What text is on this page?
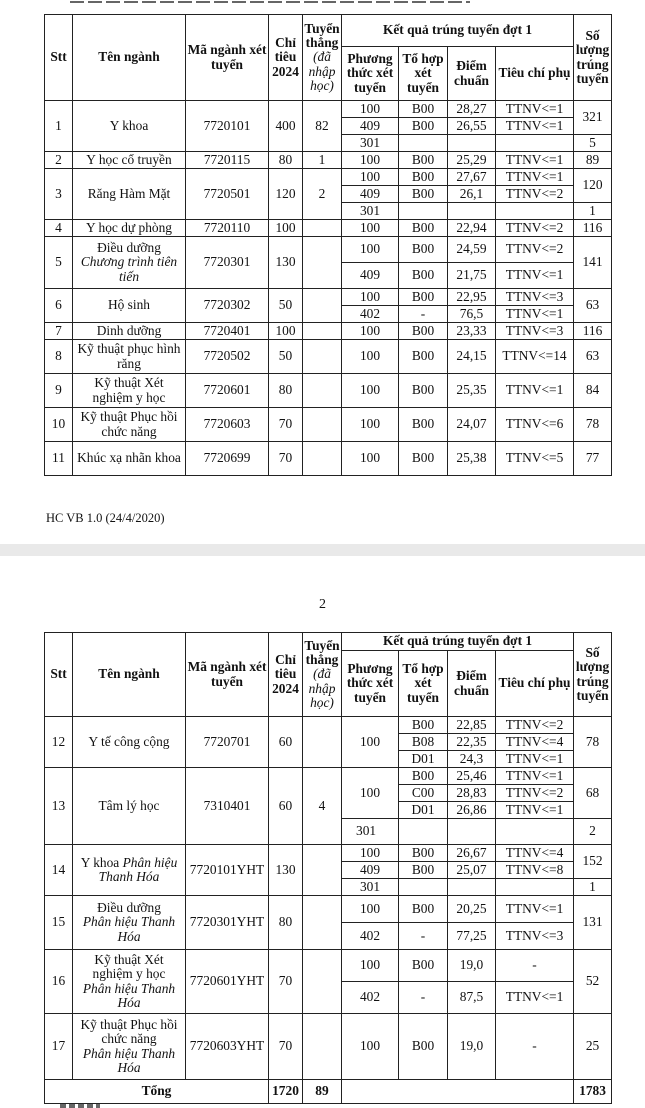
Stt	Tên ngành	Mã ngành xét tuyển	Chỉ tiêu 2024	Tuyển thẳng (đã nhập học)	Kết quả trúng tuyển đợt 1				Số lượng trúng tuyển
					Phương thức xét tuyển	Tổ hợp xét tuyển	Điểm chuẩn	Tiêu chí phụ	
1	Y khoa	7720101	400	82	100	B00	28,27	TTNV<=1	321
					409	B00	26,55	TTNV<=1	
					301				5
2	Y học cổ truyền	7720115	80	1	100	B00	25,29	TTNV<=1	89
3	Răng Hàm Mặt	7720501	120	2	100	B00	27,67	TTNV<=1	120
					409	B00	26,1	TTNV<=2	
					301				1
4	Y học dự phòng	7720110	100		100	B00	22,94	TTNV<=2	116
5	Điều dưỡng
Chương trình tiên tiến	7720301	130		100	B00	24,59	TTNV<=2	141
					409	B00	21,75	TTNV<=1	
6	Hộ sinh	7720302	50		100	B00	22,95	TTNV<=3	63
					402	-	76,5	TTNV<=1	
7	Dinh dưỡng	7720401	100		100	B00	23,33	TTNV<=3	116
8	Kỹ thuật phục hình răng	7720502	50		100	B00	24,15	TTNV<=14	63
9	Kỹ thuật Xét nghiệm y học	7720601	80		100	B00	25,35	TTNV<=1	84
10	Kỹ thuật Phục hồi chức năng	7720603	70		100	B00	24,07	TTNV<=6	78
11	Khúc xạ nhãn khoa	7720699	70		100	B00	25,38	TTNV<=5	77
HC VB 1.0 (24/4/2020)
2
Stt	Tên ngành	Mã ngành xét tuyển	Chỉ tiêu 2024	Tuyển thẳng (đã nhập học)	Kết quả trúng tuyển đợt 1				Số lượng trúng tuyển
					Phương thức xét tuyển	Tổ hợp xét tuyển	Điểm chuẩn	Tiêu chí phụ	
12	Y tế công cộng	7720701	60		100	B00	22,85	TTNV<=2	78
						B08	22,35	TTNV<=4	
						D01	24,3	TTNV<=1	
13	Tâm lý học	7310401	60	4	100	B00	25,46	TTNV<=1	68
						C00	28,83	TTNV<=2	
						D01	26,86	TTNV<=1	
					301				2
14	Y khoa Phân hiệu Thanh Hóa	7720101YHT	130		100	B00	26,67	TTNV<=4	152
					409	B00	25,07	TTNV<=8	
					301				1
15	Điều dưỡng
Phân hiệu Thanh Hóa	7720301YHT	80		100	B00	20,25	TTNV<=1	131
					402	-	77,25	TTNV<=3	
16	Kỹ thuật Xét nghiệm y học
Phân hiệu Thanh Hóa	7720601YHT	70		100	B00	19,0	-	52
					402	-	87,5	TTNV<=1	
17	Kỹ thuật Phục hồi chức năng
Phân hiệu Thanh Hóa	7720603YHT	70		100	B00	19,0	-	25
Tổng			1720	89					1783
